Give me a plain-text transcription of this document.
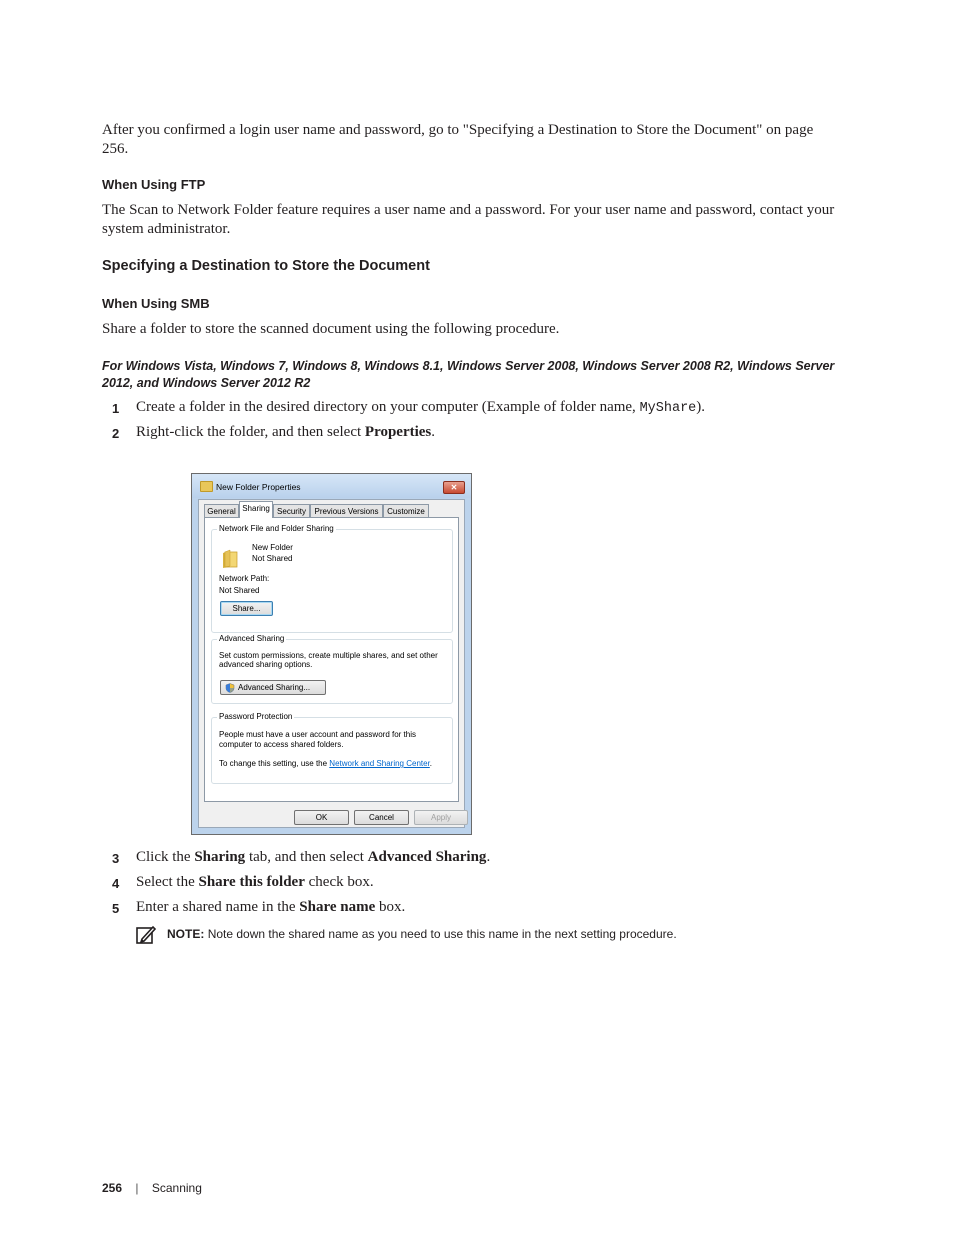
After you confirmed a login user name and password, go to "Specifying a Destination to Store the Document" on page 256.
When Using FTP
The Scan to Network Folder feature requires a user name and a password. For your user name and password, contact your system administrator.
Specifying a Destination to Store the Document
When Using SMB
Share a folder to store the scanned document using the following procedure.
For Windows Vista, Windows 7, Windows 8, Windows 8.1, Windows Server 2008, Windows Server 2008 R2, Windows Server 2012, and Windows Server 2012 R2
1 Create a folder in the desired directory on your computer (Example of folder name, MyShare).
2 Right-click the folder, and then select Properties.
New Folder Properties	✕
General Sharing Security	Previous Versions	Customize
Network File and Folder Sharing
New Folder
Not Shared
Network Path:
Not Shared
Share...
Advanced Sharing
Set custom permissions, create multiple shares, and set other
advanced sharing options.
Advanced Sharing...
Password Protection
People must have a user account and password for this
computer to access shared folders.
To change this setting, use the Network and Sharing Center.
OK	Cancel	Apply
3 Click the Sharing tab, and then select Advanced Sharing.
4 Select the Share this folder check box.
5 Enter a shared name in the Share name box.
NOTE: Note down the shared name as you need to use this name in the next setting procedure.
256 | Scanning
